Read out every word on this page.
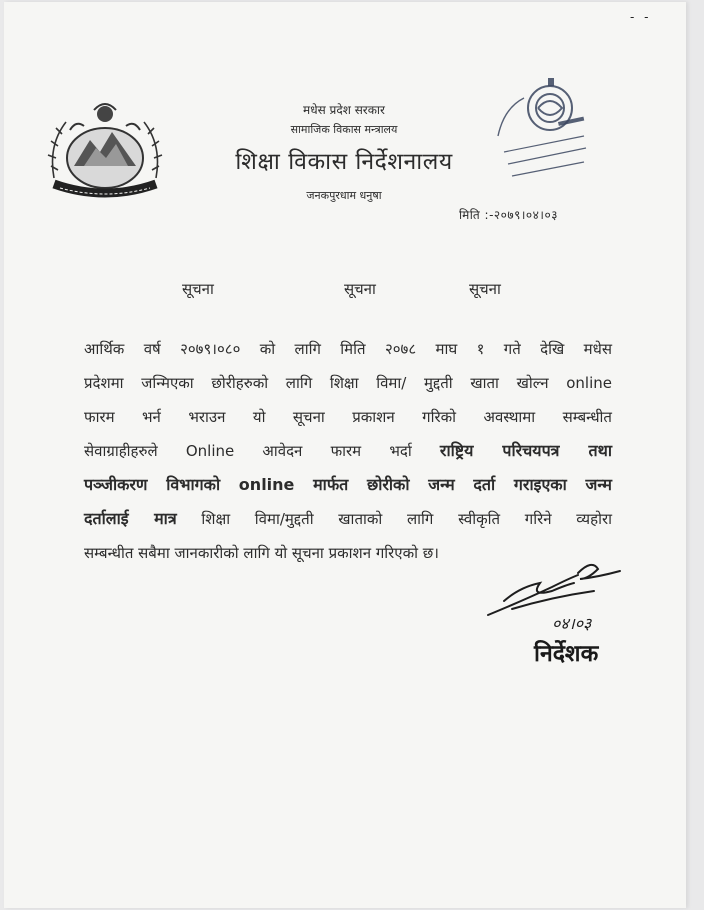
- -
मधेस प्रदेश सरकार
सामाजिक विकास मन्त्रालय
शिक्षा विकास निर्देशनालय
जनकपुरधाम धनुषा
मिति :-२०७९।०४।०३
सूचना	सूचना	सूचना
आर्थिक वर्ष २०७९।०८० को लागि मिति २०७८ माघ १ गते देखि मधेस
प्रदेशमा जन्मिएका छोरीहरुको लागि शिक्षा विमा/ मुद्दती खाता खोल्न online
फारम भर्न भराउन यो सूचना प्रकाशन गरिको अवस्थामा सम्बन्धीत
सेवाग्राहीहरुले Online आवेदन फारम भर्दा राष्ट्रिय परिचयपत्र तथा
पञ्जीकरण विभागको online मार्फत छोरीको जन्म दर्ता गराइएका जन्म
दर्तालाई मात्र शिक्षा विमा/मुद्दती खाताको लागि स्वीकृति गरिने व्यहोरा
सम्बन्धीत सबैमा जानकारीको लागि यो सूचना प्रकाशन गरिएको छ।
०४।०३
निर्देशक
